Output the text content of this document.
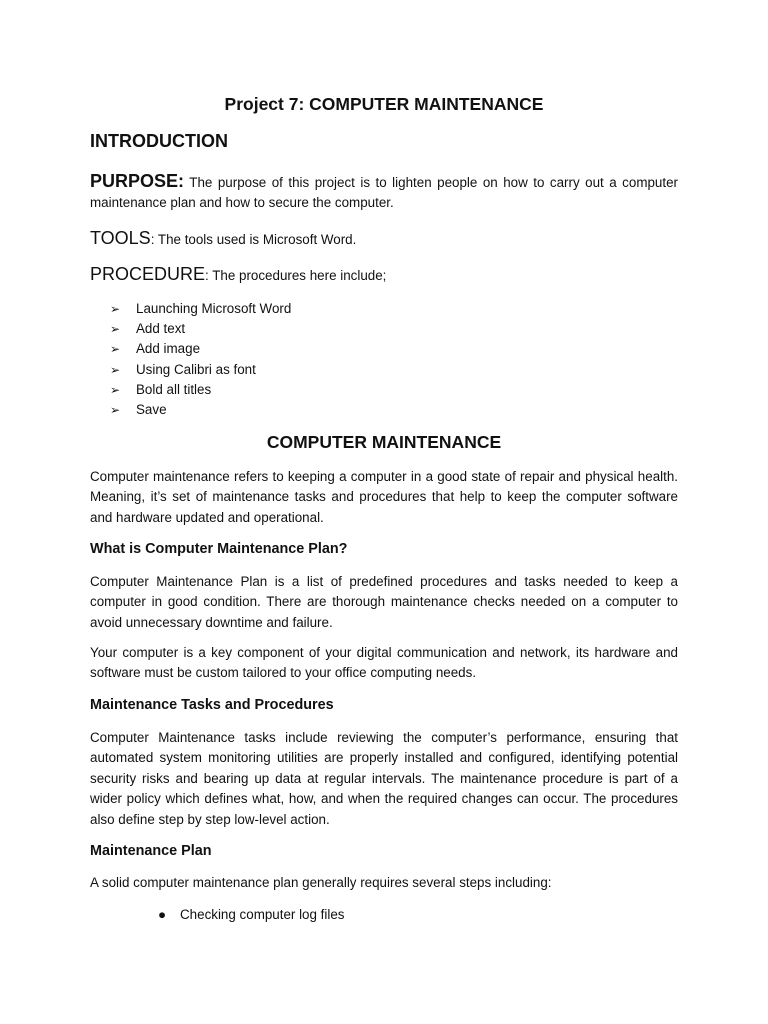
Project 7: COMPUTER MAINTENANCE
INTRODUCTION
PURPOSE: The purpose of this project is to lighten people on how to carry out a computer maintenance plan and how to secure the computer.
TOOLS: The tools used is Microsoft Word.
PROCEDURE: The procedures here include;
➢ Launching Microsoft Word
➢ Add text
➢ Add image
➢ Using Calibri as font
➢ Bold all titles
➢ Save
COMPUTER MAINTENANCE
Computer maintenance refers to keeping a computer in a good state of repair and physical health. Meaning, it’s set of maintenance tasks and procedures that help to keep the computer software and hardware updated and operational.
What is Computer Maintenance Plan?
Computer Maintenance Plan is a list of predefined procedures and tasks needed to keep a computer in good condition. There are thorough maintenance checks needed on a computer to avoid unnecessary downtime and failure.
Your computer is a key component of your digital communication and network, its hardware and software must be custom tailored to your office computing needs.
Maintenance Tasks and Procedures
Computer Maintenance tasks include reviewing the computer’s performance, ensuring that automated system monitoring utilities are properly installed and configured, identifying potential security risks and bearing up data at regular intervals. The maintenance procedure is part of a wider policy which defines what, how, and when the required changes can occur. The procedures also define step by step low-level action.
Maintenance Plan
A solid computer maintenance plan generally requires several steps including:
● Checking computer log files
